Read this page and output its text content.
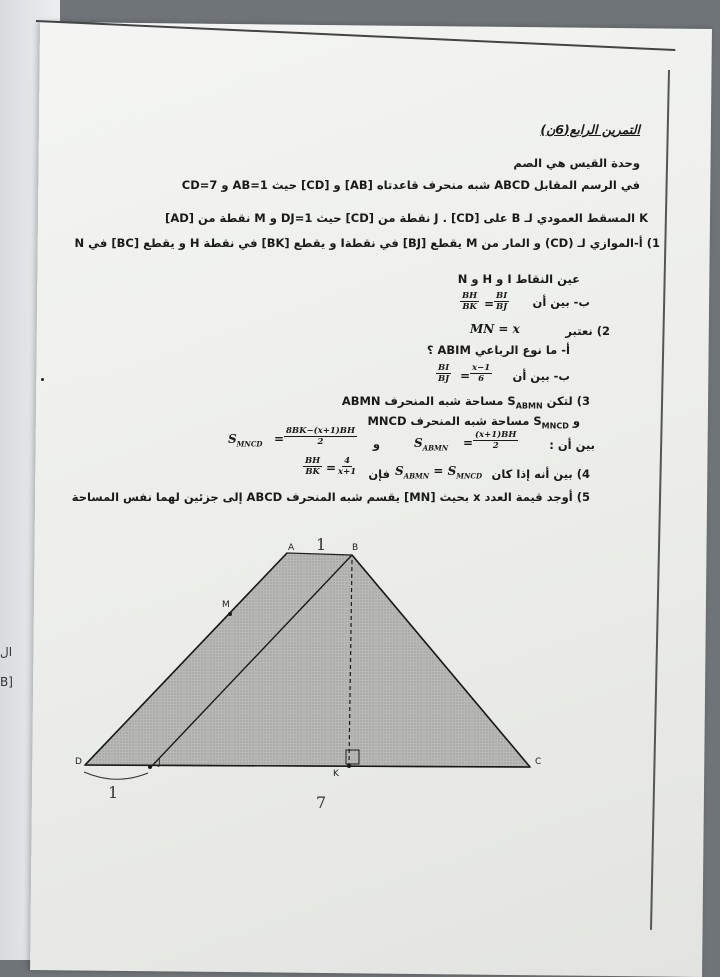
ال
B]
التمرين الرابع(6ن)
وحدة القيس هي الصم
في الرسم المقابل ABCD شبه منحرف قاعدتاه [AB] و [CD] حيث AB=1 و CD=7
K المسقط العمودي لـ B على [CD] . J نقطة من [CD] حيث DJ=1 و M نقطة من [AD]
1) أ-الموازي لـ (CD) و المار من M يقطع [BJ] في نقطةI و يقطع [BK] في نقطة H و يقطع [BC] في N
عين النقاط I و H و N
ب- بين أن
$\frac{BH}{BK} = \frac{BI}{BJ}$
2) نعتبر
MN = x
أ- ما نوع الرباعي ABIM ؟
ب- بين أن
$\frac{BI}{BJ} = \frac{x-1}{6}$
3) لتكن $S_{ABMN}$ مساحة شبه المنحرف ABMN
و $S_{MNCD}$ مساحة شبه المنحرف MNCD
بين أن :
$S_{ABMN} = \frac{(x+1)BH}{2}$
و
$S_{MNCD} = \frac{8BK-(x+1)BH}{2}$
4) بين أنه إذا كان
$S_{ABMN} = S_{MNCD}$
فإن
$\frac{BH}{BK} = \frac{4}{x+1}$
5) أوجد قيمة العدد x بحيث [MN] يقسم شبه المنحرف ABCD إلى جزئين لهما نفس المساحة
A	B
C
D
M
J
K
1
1
7
